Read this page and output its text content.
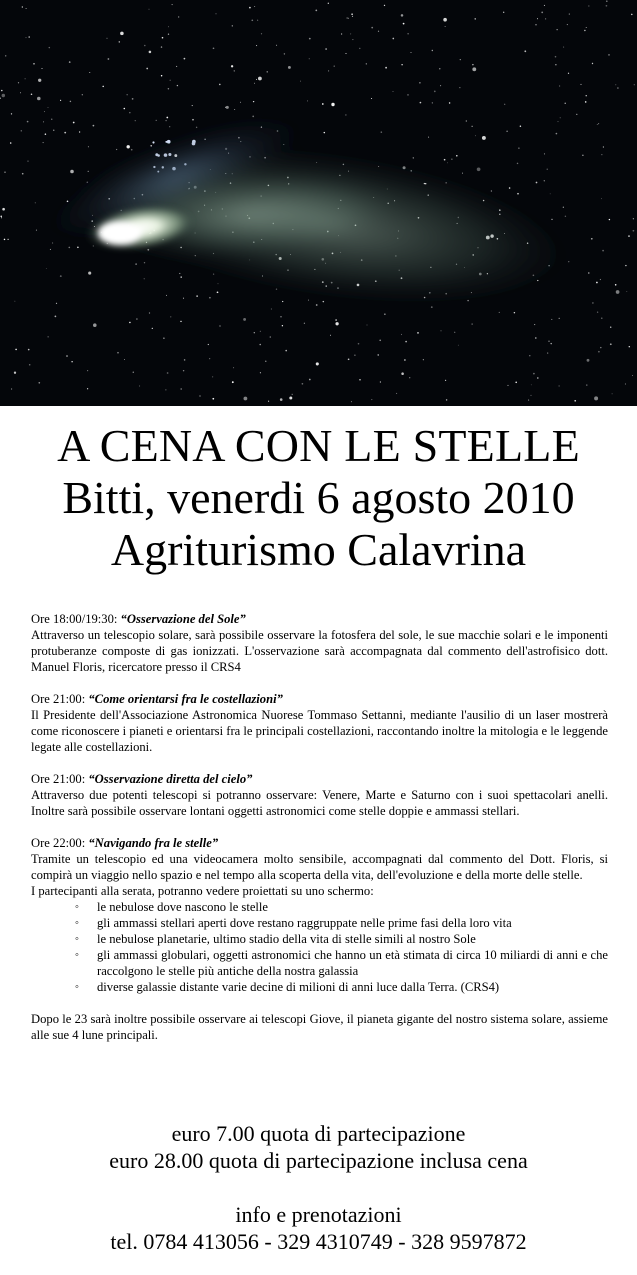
A CENA CON LE STELLE
Bitti, venerdi 6 agosto 2010
Agriturismo Calavrina

Ore 18:00/19:30: “Osservazione del Sole”

Attraverso un telescopio solare, sarà possibile osservare la fotosfera del sole, le sue macchie solari e le imponenti protuberanze composte di gas ionizzati. L'osservazione sarà accompagnata dal commento dell'astrofisico dott. Manuel Floris, ricercatore presso il CRS4

Ore 21:00: “Come orientarsi fra le costellazioni”

Il Presidente dell'Associazione Astronomica Nuorese Tommaso Settanni, mediante l'ausilio di un laser mostrerà come riconoscere i pianeti e orientarsi fra le principali costellazioni, raccontando inoltre la mitologia e le leggende legate alle costellazioni.

Ore 21:00: “Osservazione diretta del cielo”

Attraverso due potenti telescopi si potranno osservare: Venere, Marte e Saturno con i suoi spettacolari anelli. Inoltre sarà possibile osservare lontani oggetti astronomici come stelle doppie e ammassi stellari.

Ore 22:00: “Navigando fra le stelle”

Tramite un telescopio ed una videocamera molto sensibile, accompagnati dal commento del Dott. Floris, si compirà un viaggio nello spazio e nel tempo alla scoperta della vita, dell'evoluzione e della morte delle stelle.

I partecipanti alla serata, potranno vedere proiettati su uno schermo:

◦ le nebulose dove nascono le stelle
◦ gli ammassi stellari aperti dove restano raggruppate nelle prime fasi della loro vita
◦ le nebulose planetarie, ultimo stadio della vita di stelle simili al nostro Sole
◦ gli ammassi globulari, oggetti astronomici che hanno un età stimata di circa 10 miliardi di anni e che raccolgono le stelle più antiche della nostra galassia
◦ diverse galassie distante varie decine di milioni di anni luce dalla Terra. (CRS4)

Dopo le 23 sarà inoltre possibile osservare ai telescopi Giove, il pianeta gigante del nostro sistema solare, assieme alle sue 4 lune principali.

euro 7.00 quota di partecipazione
euro 28.00 quota di partecipazione inclusa cena
info e prenotazioni
tel. 0784 413056 - 329 4310749 - 328 9597872
